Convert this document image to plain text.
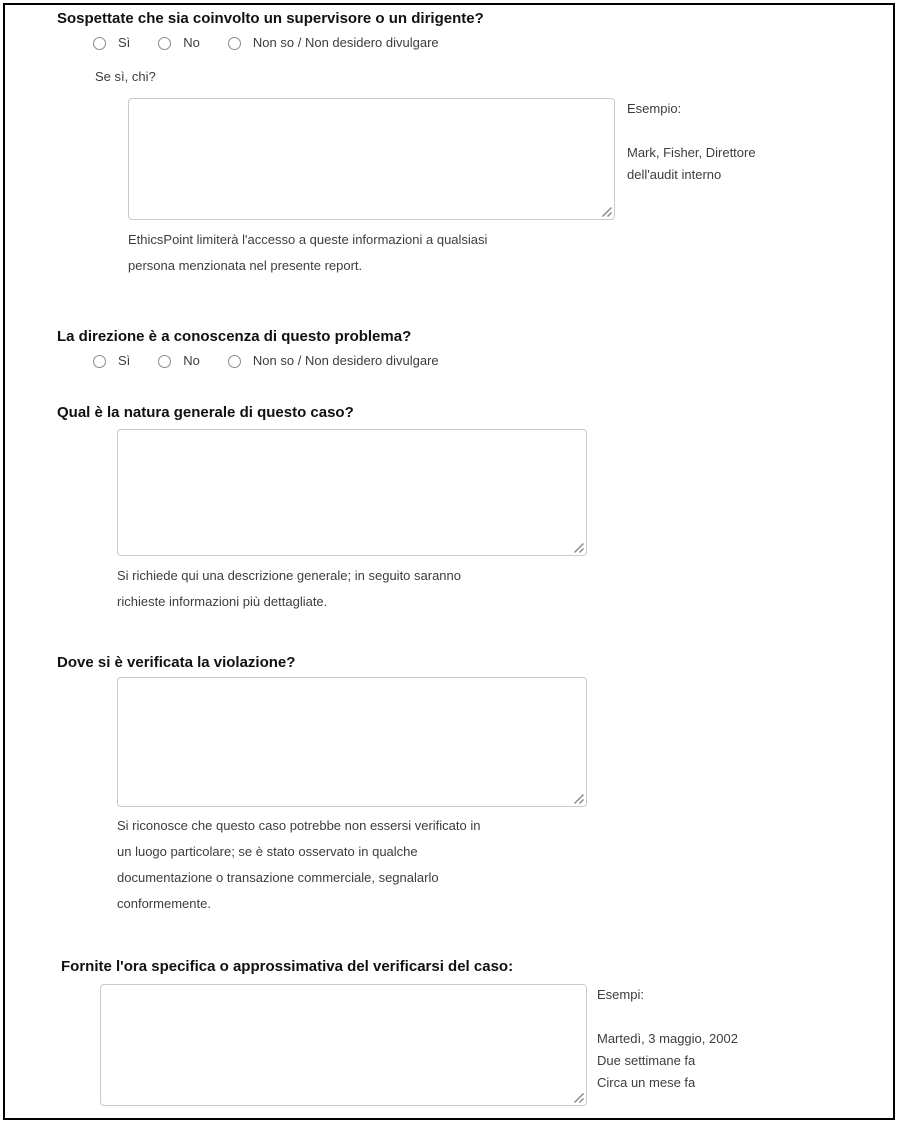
Sospettate che sia coinvolto un supervisore o un dirigente?
Sì	No	Non so / Non desidero divulgare
Se sì, chi?
Esempio:
Mark, Fisher, Direttore
dell'audit interno
EthicsPoint limiterà l'accesso a queste informazioni a qualsiasi
persona menzionata nel presente report.
La direzione è a conoscenza di questo problema?
Sì	No	Non so / Non desidero divulgare
Qual è la natura generale di questo caso?
Si richiede qui una descrizione generale; in seguito saranno
richieste informazioni più dettagliate.
Dove si è verificata la violazione?
Si riconosce che questo caso potrebbe non essersi verificato in
un luogo particolare; se è stato osservato in qualche
documentazione o transazione commerciale, segnalarlo
conformemente.
Fornite l'ora specifica o approssimativa del verificarsi del caso:
Esempi:
Martedì, 3 maggio, 2002
Due settimane fa
Circa un mese fa
